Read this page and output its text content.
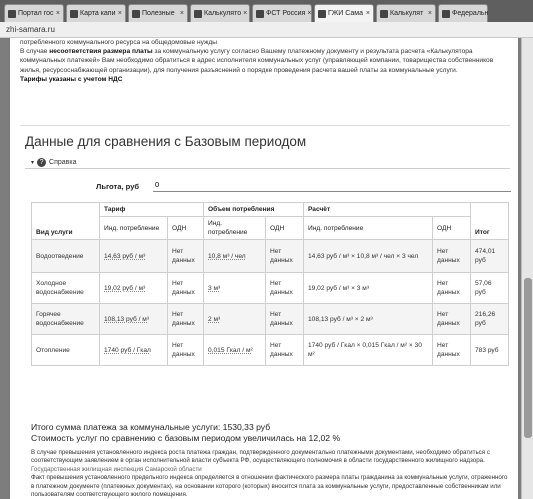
Портал гос ×	Карта капи ×	Полезные ×	Калькулято ×	ФСТ Россия × ГЖИ Сама ×	Калькулят ×	Федеральн
zhi-samara.ru

потребленного коммунального ресурса на общедомовые нужды

В случае несоответствия размера платы за коммунальную услугу согласно Вашему платежному документу и результата расчета «Калькулятора коммунальных платежей» Вам необходимо обратиться в адрес исполнителя коммунальных услуг (управляющей компании, товарищества собственников жилья, ресурсоснабжающей организации), для получения разъяснений о порядке проведения расчета вашей платы за коммунальные услуги.

Тарифы указаны с учетом НДС

Данные для сравнения с Базовым периодом
▾ ? Справка
Льгота, руб
0
Вид услуги	Тариф		Объем потребления		Расчёт		Итог
	Инд. потребление	ОДН	Инд. потребление	ОДН	Инд. потребление	ОДН	
Водоотведение	14,63 руб / м³	Нет данных	10,8 м³ / чел	Нет данных	14,63 руб / м³ × 10,8 м³ / чел × 3 чел	Нет данных	474,01 руб
Холодное водоснабжение	19,02 руб / м³	Нет данных	3 м³	Нет данных	19,02 руб / м³ × 3 м³	Нет данных	57,06 руб
Горячее водоснабжение	108,13 руб / м³	Нет данных	2 м³	Нет данных	108,13 руб / м³ × 2 м³	Нет данных	216,26 руб
Отопление	1740 руб / Гкал	Нет данных	0,015 Гкал / м²	Нет данных	1740 руб / Гкал × 0,015 Гкал / м² × 30 м²	Нет данных	783 руб
Итого сумма платежа за коммунальные услуги: 1530,33 руб
Стоимость услуг по сравнению с базовым периодом увеличилась на 12,02 %

В случае превышения установленного индекса роста платежа граждан, подтвержденного документально платежными документами, необходимо обратиться с соответствующим заявлением в орган исполнительной власти субъекта РФ, осуществляющего полномочия в области государственного жилищного надзора.

Государственная жилищная инспекция Самарской области

Факт превышения установленного предельного индекса определяется в отношении фактического размера платы гражданина за коммунальные услуги, отраженного в платежном документе (платежных документах), на основании которого (которых) вносится плата за коммунальные услуги, предоставленные собственникам или пользователям соответствующего жилого помещения.
